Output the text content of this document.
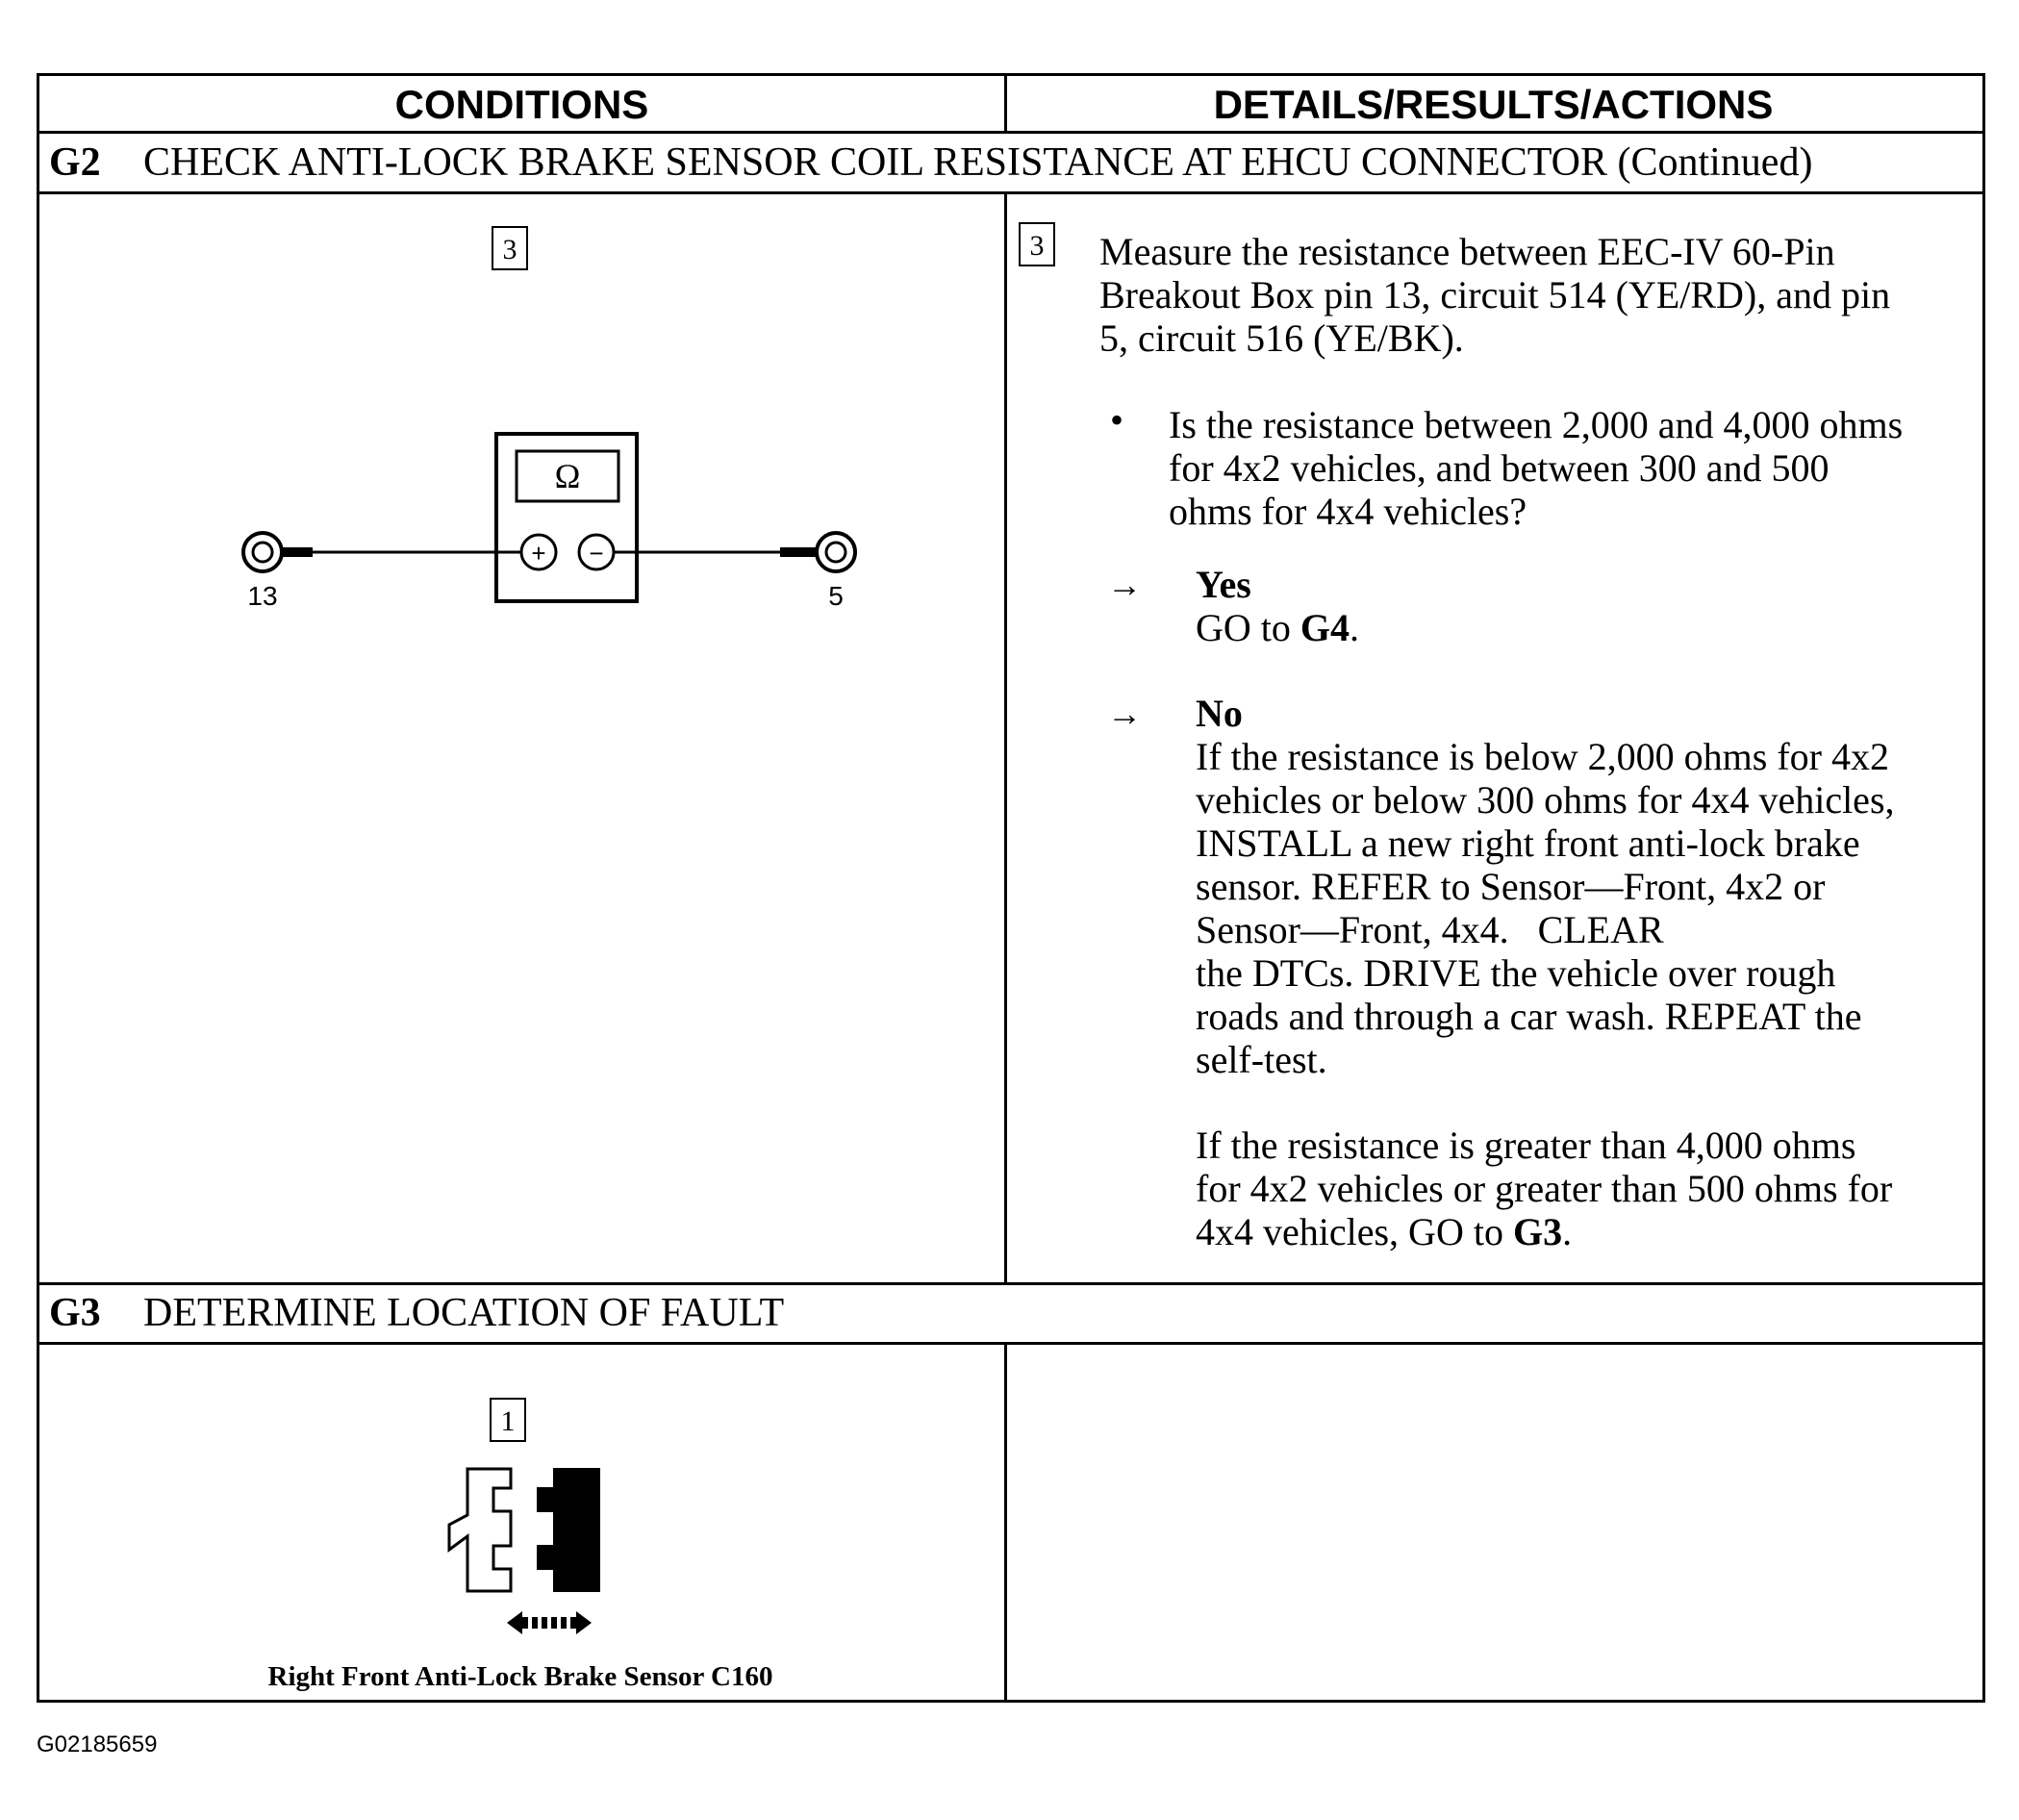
CONDITIONS	DETAILS/RESULTS/ACTIONS
G2 CHECK ANTI-LOCK BRAKE SENSOR COIL RESISTANCE AT EHCU CONNECTOR (Continued)
3
Ω
+ −
13	5
3 Measure the resistance between EEC-IV 60-Pin
Breakout Box pin 13, circuit 514 (YE/RD), and pin
5, circuit 516 (YE/BK).
• Is the resistance between 2,000 and 4,000 ohms
for 4x2 vehicles, and between 300 and 500
ohms for 4x4 vehicles?
→ Yes
GO to G4.
→ No
If the resistance is below 2,000 ohms for 4x2
vehicles or below 300 ohms for 4x4 vehicles,
INSTALL a new right front anti-lock brake
sensor. REFER to Sensor—Front, 4x2 or
Sensor—Front, 4x4.   CLEAR
the DTCs. DRIVE the vehicle over rough
roads and through a car wash. REPEAT the
self-test.
If the resistance is greater than 4,000 ohms
for 4x2 vehicles or greater than 500 ohms for
4x4 vehicles, GO to G3.
G3 DETERMINE LOCATION OF FAULT
1
Right Front Anti-Lock Brake Sensor C160
G02185659
